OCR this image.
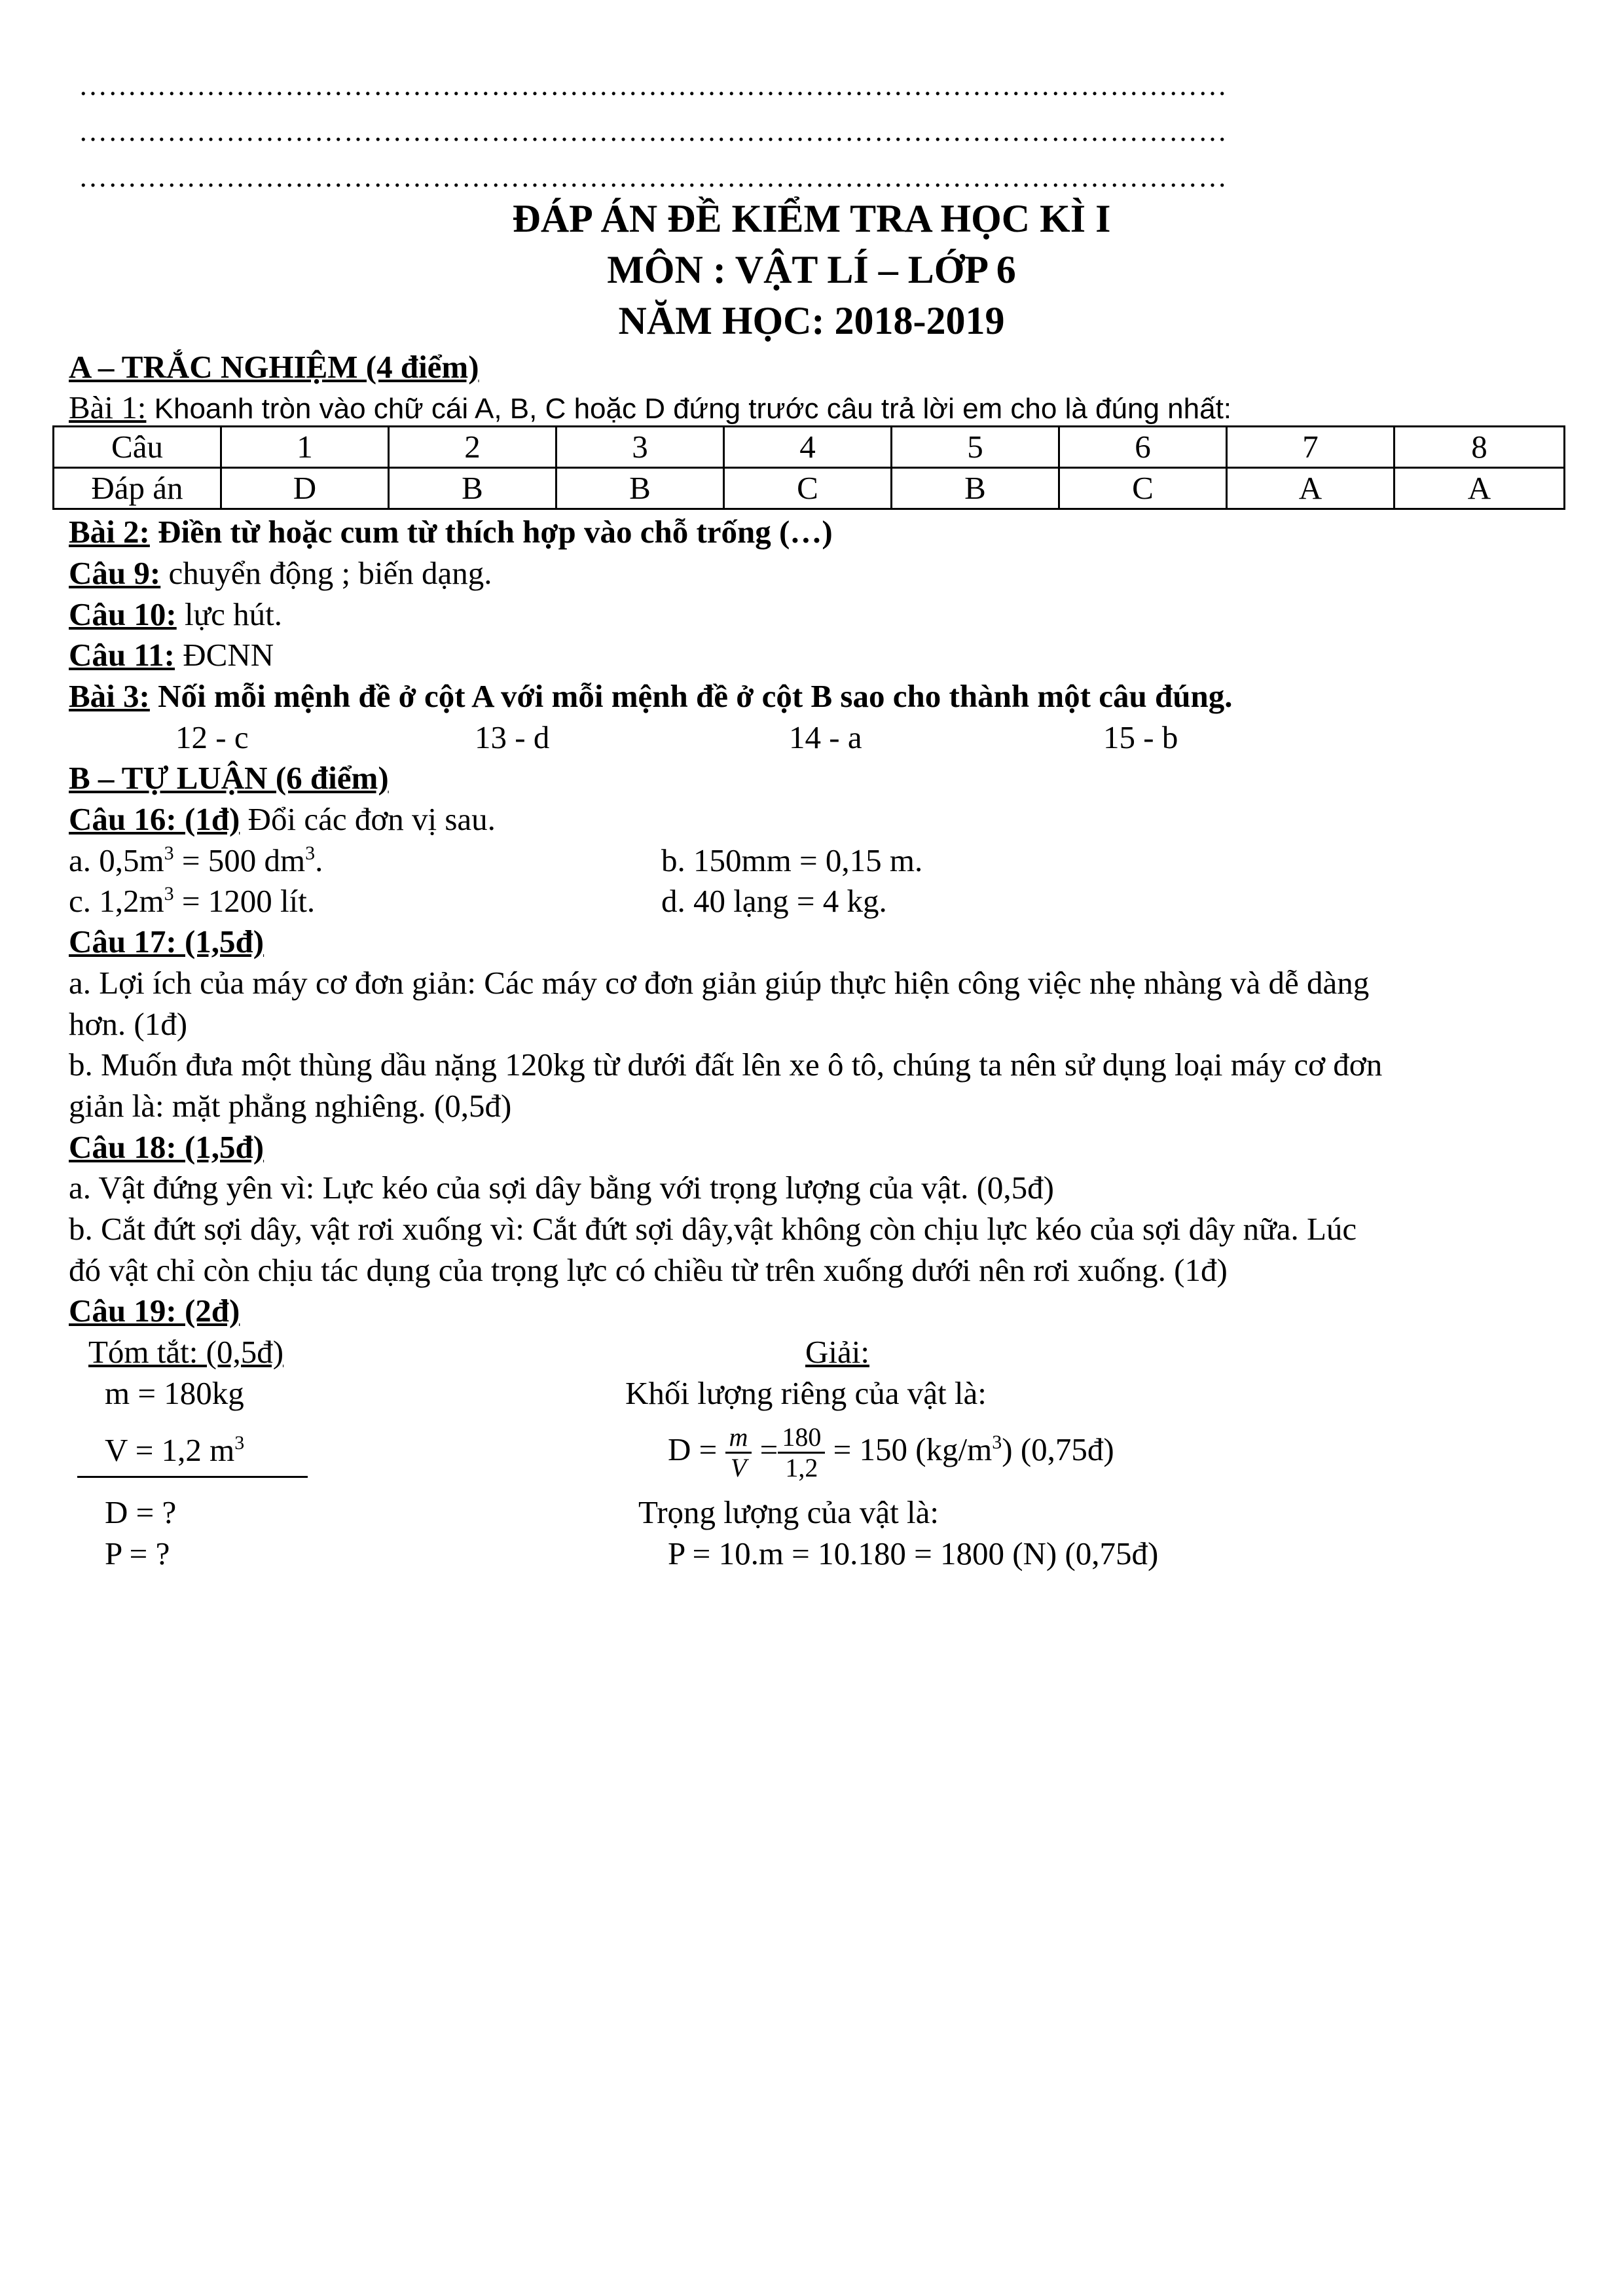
………………………………………………………………………………………………………
………………………………………………………………………………………………………
………………………………………………………………………………………………………
ĐÁP ÁN ĐỀ KIỂM TRA HỌC KÌ I
MÔN : VẬT LÍ – LỚP 6
NĂM HỌC: 2018-2019
A – TRẮC NGHIỆM (4 điểm)
Bài 1: Khoanh tròn vào chữ cái A, B, C hoặc D đứng trước câu trả lời em cho là đúng nhất:
Câu	1	2	3	4	5	6	7	8
Đáp án	D	B	B	C	B	C	A	A
Bài 2: Điền từ hoặc cum từ thích hợp vào chỗ trống (…)
Câu 9: chuyển động ; biến dạng.
Câu 10: lực hút.
Câu 11: ĐCNN
Bài 3: Nối mỗi mệnh đề ở cột A với mỗi mệnh đề ở cột B sao cho thành một câu đúng.
12 - c	13 - d	14 - a	15 - b
B – TỰ LUẬN (6 điểm)
Câu 16: (1đ) Đổi các đơn vị sau.
a. $0,5m^3 = 500$ $dm^3$.	b. 150mm = 0,15 m.
c. $1,2m^3 = 1200$ lít.	d. 40 lạng = 4 kg.
Câu 17: (1,5đ)
a. Lợi ích của máy cơ đơn giản: Các máy cơ đơn giản giúp thực hiện công việc nhẹ nhàng và dễ dàng
hơn. (1đ)
b. Muốn đưa một thùng dầu nặng 120kg từ dưới đất lên xe ô tô, chúng ta nên sử dụng loại máy cơ đơn
giản là: mặt phẳng nghiêng. (0,5đ)
Câu 18: (1,5đ)
a. Vật đứng yên vì: Lực kéo của sợi dây bằng với trọng lượng của vật. (0,5đ)
b. Cắt đứt sợi dây, vật rơi xuống vì: Cắt đứt sợi dây,vật không còn chịu lực kéo của sợi dây nữa. Lúc
đó vật chỉ còn chịu tác dụng của trọng lực có chiều từ trên xuống dưới nên rơi xuống. (1đ)
Câu 19: (2đ)
Tóm tắt: (0,5đ)	Giải:
m = 180kg	Khối lượng riêng của vật là:
V = 1,2 $m^3$	$D = \frac{m}{V} = \frac{180}{1,2} = 150$ $(kg/m^3)$ (0,75đ)
D = ?	Trọng lượng của vật là:
P = ?	P = 10.m = 10.180 = 1800 (N) (0,75đ)
